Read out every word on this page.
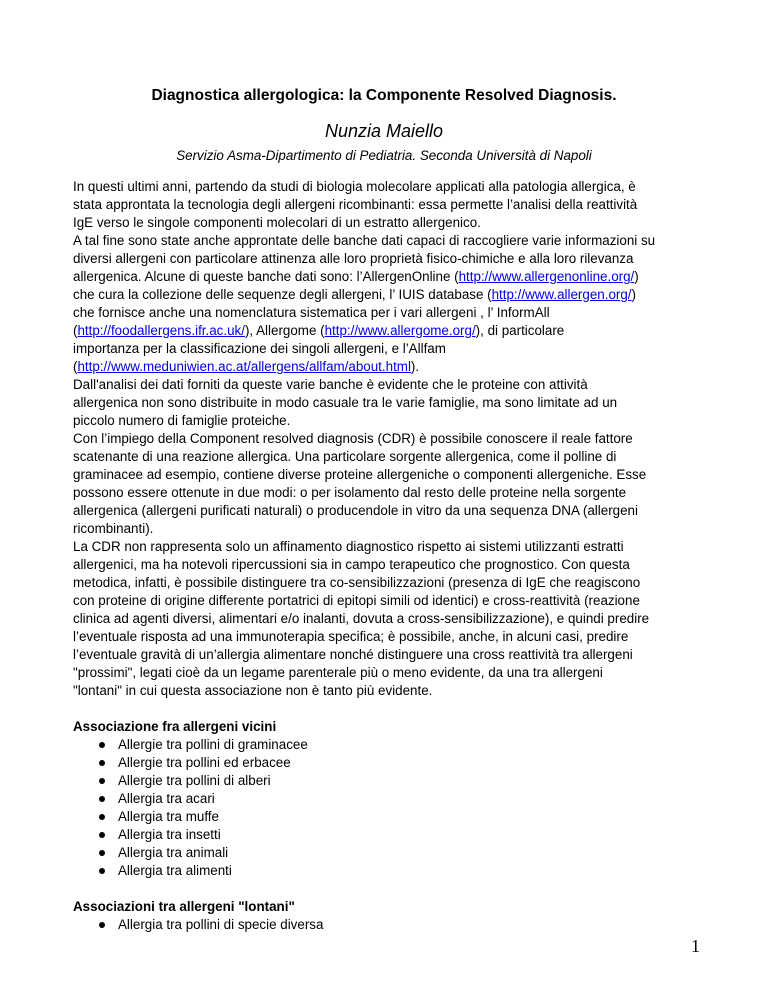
Diagnostica allergologica: la Componente Resolved Diagnosis.
Nunzia Maiello
Servizio Asma-Dipartimento di Pediatria. Seconda Università di Napoli

In questi ultimi anni, partendo da studi di biologia molecolare applicati alla patologia allergica, è
stata approntata la tecnologia degli allergeni ricombinanti: essa permette l’analisi della reattività
IgE verso le singole componenti molecolari di un estratto allergenico.
A tal fine sono state anche approntate delle banche dati capaci di raccogliere varie informazioni su
diversi allergeni con particolare attinenza alle loro proprietà fisico-chimiche e alla loro rilevanza
allergenica. Alcune di queste banche dati sono: l’AllergenOnline (http://www.allergenonline.org/)
che cura la collezione delle sequenze degli allergeni, l’ IUIS database (http://www.allergen.org/)
che fornisce anche una nomenclatura sistematica per i vari allergeni , l’ InformAll
(http://foodallergens.ifr.ac.uk/), Allergome (http://www.allergome.org/), di particolare
importanza per la classificazione dei singoli allergeni, e l’Allfam
(http://www.meduniwien.ac.at/allergens/allfam/about.html).
Dall'analisi dei dati forniti da queste varie banche è evidente che le proteine con attività
allergenica non sono distribuite in modo casuale tra le varie famiglie, ma sono limitate ad un
piccolo numero di famiglie proteiche.
Con l’impiego della Component resolved diagnosis (CDR) è possibile conoscere il reale fattore
scatenante di una reazione allergica. Una particolare sorgente allergenica, come il polline di
graminacee ad esempio, contiene diverse proteine allergeniche o componenti allergeniche. Esse
possono essere ottenute in due modi: o per isolamento dal resto delle proteine nella sorgente
allergenica (allergeni purificati naturali) o producendole in vitro da una sequenza DNA (allergeni
ricombinanti).
La CDR non rappresenta solo un affinamento diagnostico rispetto ai sistemi utilizzanti estratti
allergenici, ma ha notevoli ripercussioni sia in campo terapeutico che prognostico. Con questa
metodica, infatti, è possibile distinguere tra co-sensibilizzazioni (presenza di IgE che reagiscono
con proteine di origine differente portatrici di epitopi simili od identici) e cross-reattività (reazione
clinica ad agenti diversi, alimentari e/o inalanti, dovuta a cross-sensibilizzazione), e quindi predire
l’eventuale risposta ad una immunoterapia specifica; è possibile, anche, in alcuni casi, predire
l’eventuale gravità di un’allergia alimentare nonché distinguere una cross reattività tra allergeni
"prossimi", legati cioè da un legame parenterale più o meno evidente, da una tra allergeni
"lontani" in cui questa associazione non è tanto più evidente.

Associazione fra allergeni vicini

Allergie tra pollini di graminacee
Allergie tra pollini ed erbacee
Allergie tra pollini di alberi
Allergia tra acari
Allergia tra muffe
Allergia tra insetti
Allergia tra animali
Allergia tra alimenti

Associazioni tra allergeni "lontani"

Allergia tra pollini di specie diversa
1
